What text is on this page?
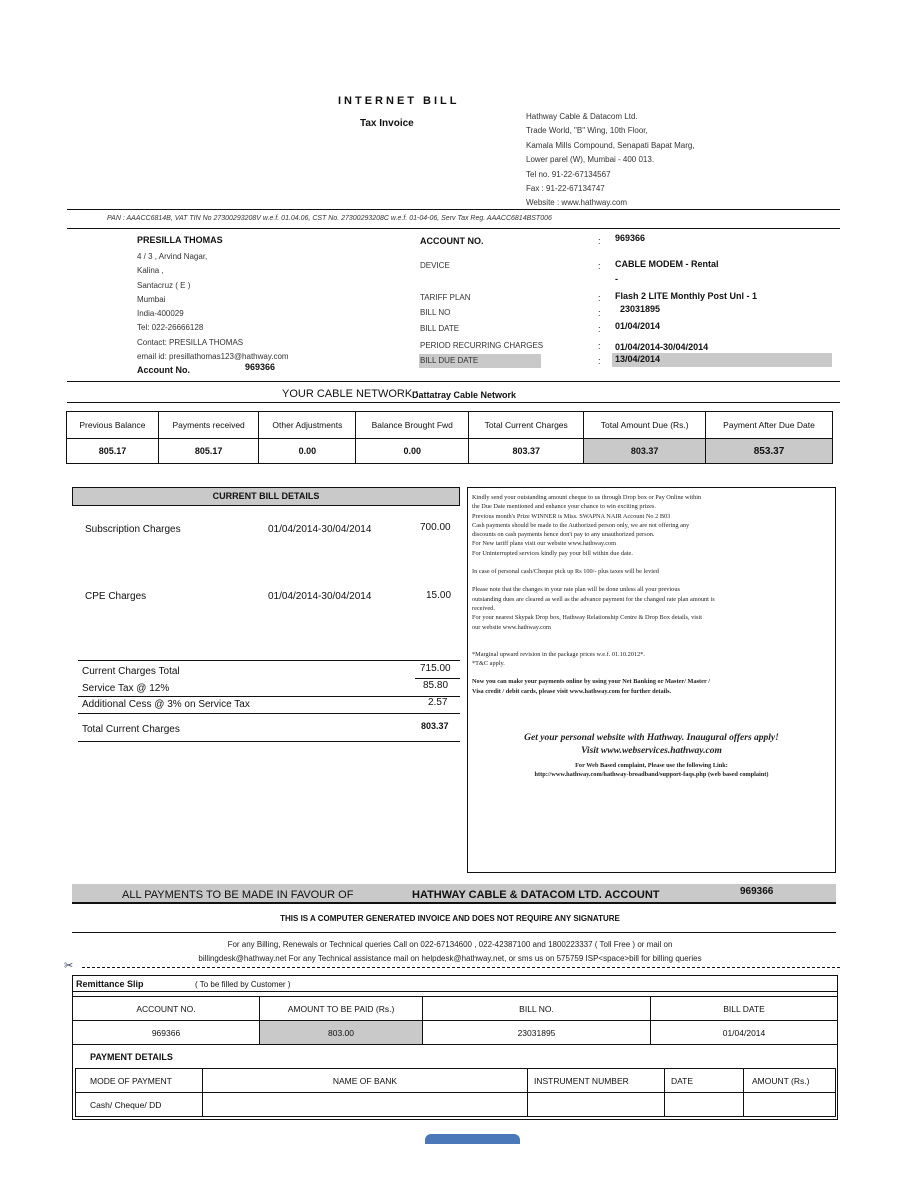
INTERNET BILL
Tax Invoice
Hathway Cable & Datacom Ltd.
Trade World, "B" Wing, 10th Floor,
Kamala Mills Compound, Senapati Bapat Marg,
Lower parel (W), Mumbai - 400 013.
Tel no. 91-22-67134567
Fax : 91-22-67134747
Website : www.hathway.com
PAN : AAACC6814B, VAT TIN No 27300293208V w.e.f. 01.04.06, CST No. 27300293208C w.e.f. 01-04-06, Serv Tax Reg. AAACC6814BST006
PRESILLA THOMAS
4 / 3 , Arvind Nagar,
Kalina ,
Santacruz ( E )
Mumbai
India-400029
Tel: 022-26666128
Contact: PRESILLA THOMAS
email id: presillathomas123@hathway.com
Account No.	969366
ACCOUNT NO.	: 969366
DEVICE	: CABLE MODEM - Rental
-
TARIFF PLAN	: Flash 2 LITE Monthly Post Unl - 1
BILL NO	: 23031895
BILL DATE	: 01/04/2014
PERIOD RECURRING CHARGES	: 01/04/2014-30/04/2014
BILL DUE DATE	: 13/04/2014
YOUR CABLE NETWORK :
Dattatray Cable Network
Previous Balance	Payments received	Other Adjustments	Balance Brought Fwd	Total Current Charges	Total Amount Due (Rs.)	Payment After Due Date
805.17	805.17	0.00	0.00	803.37	803.37	853.37
CURRENT BILL DETAILS
Subscription Charges	01/04/2014-30/04/2014	700.00
CPE Charges	01/04/2014-30/04/2014	15.00
Current Charges Total	715.00
Service Tax @ 12%	85.80
Additional Cess @ 3% on Service Tax	2.57
Total Current Charges	803.37

Kindly send your outstanding amount cheque to us through Drop box or Pay Online within

the Due Date mentioned and enhance your chance to win exciting prizes.

Previous month's Prize WINNER is Miss. SWAPNA NAIR Account No 2 B03

Cash payments should be made to the Authorized person only, we are not offering any

discounts on cash payments hence don't pay to any unauthorized person.

For New tariff plans visit our website www.hathway.com

For Uninterrupted services kindly pay your bill within due date.

In case of personal cash/Cheque pick up Rs 100/- plus taxes will be levied

Please note that the changes in your rate plan will be done unless all your previous

outstanding dues are cleared as well as the advance payment for the changed rate plan amount is

received.

For your nearest Skypak Drop box, Hathway Relationship Centre & Drop Box details, visit

our website www.hathway.com

*Marginal upward revision in the package prices w.e.f. 01.10.2012*.

*T&C apply.

Now you can make your payments online by using your Net Banking or Master/ Master /

Visa credit / debit cards, please visit www.hathway.com for further details.

Get your personal website with Hathway. Inaugural offers apply!

Visit www.webservices.hathway.com

For Web Based complaint, Please use the following Link:

http://www.hathway.com/hathway-broadband/support-faqs.php (web based complaint)

ALL PAYMENTS TO BE MADE IN FAVOUR OF	HATHWAY CABLE & DATACOM LTD. ACCOUNT	969366
THIS IS A COMPUTER GENERATED INVOICE AND DOES NOT REQUIRE ANY SIGNATURE
For any Billing, Renewals or Technical queries Call on 022-67134600 , 022-42387100 and 1800223337 ( Toll Free ) or mail on
billingdesk@hathway.net For any Technical assistance mail on helpdesk@hathway.net, or sms us on 575759 ISP<space>bill for billing queries
✂
Remittance Slip	( To be filled by Customer )
ACCOUNT NO.	AMOUNT TO BE PAID (Rs.)	BILL NO.	BILL DATE
969366	803.00	23031895	01/04/2014
PAYMENT DETAILS
MODE OF PAYMENT	NAME OF BANK	INSTRUMENT NUMBER	DATE	AMOUNT (Rs.)
Cash/ Cheque/ DD				
